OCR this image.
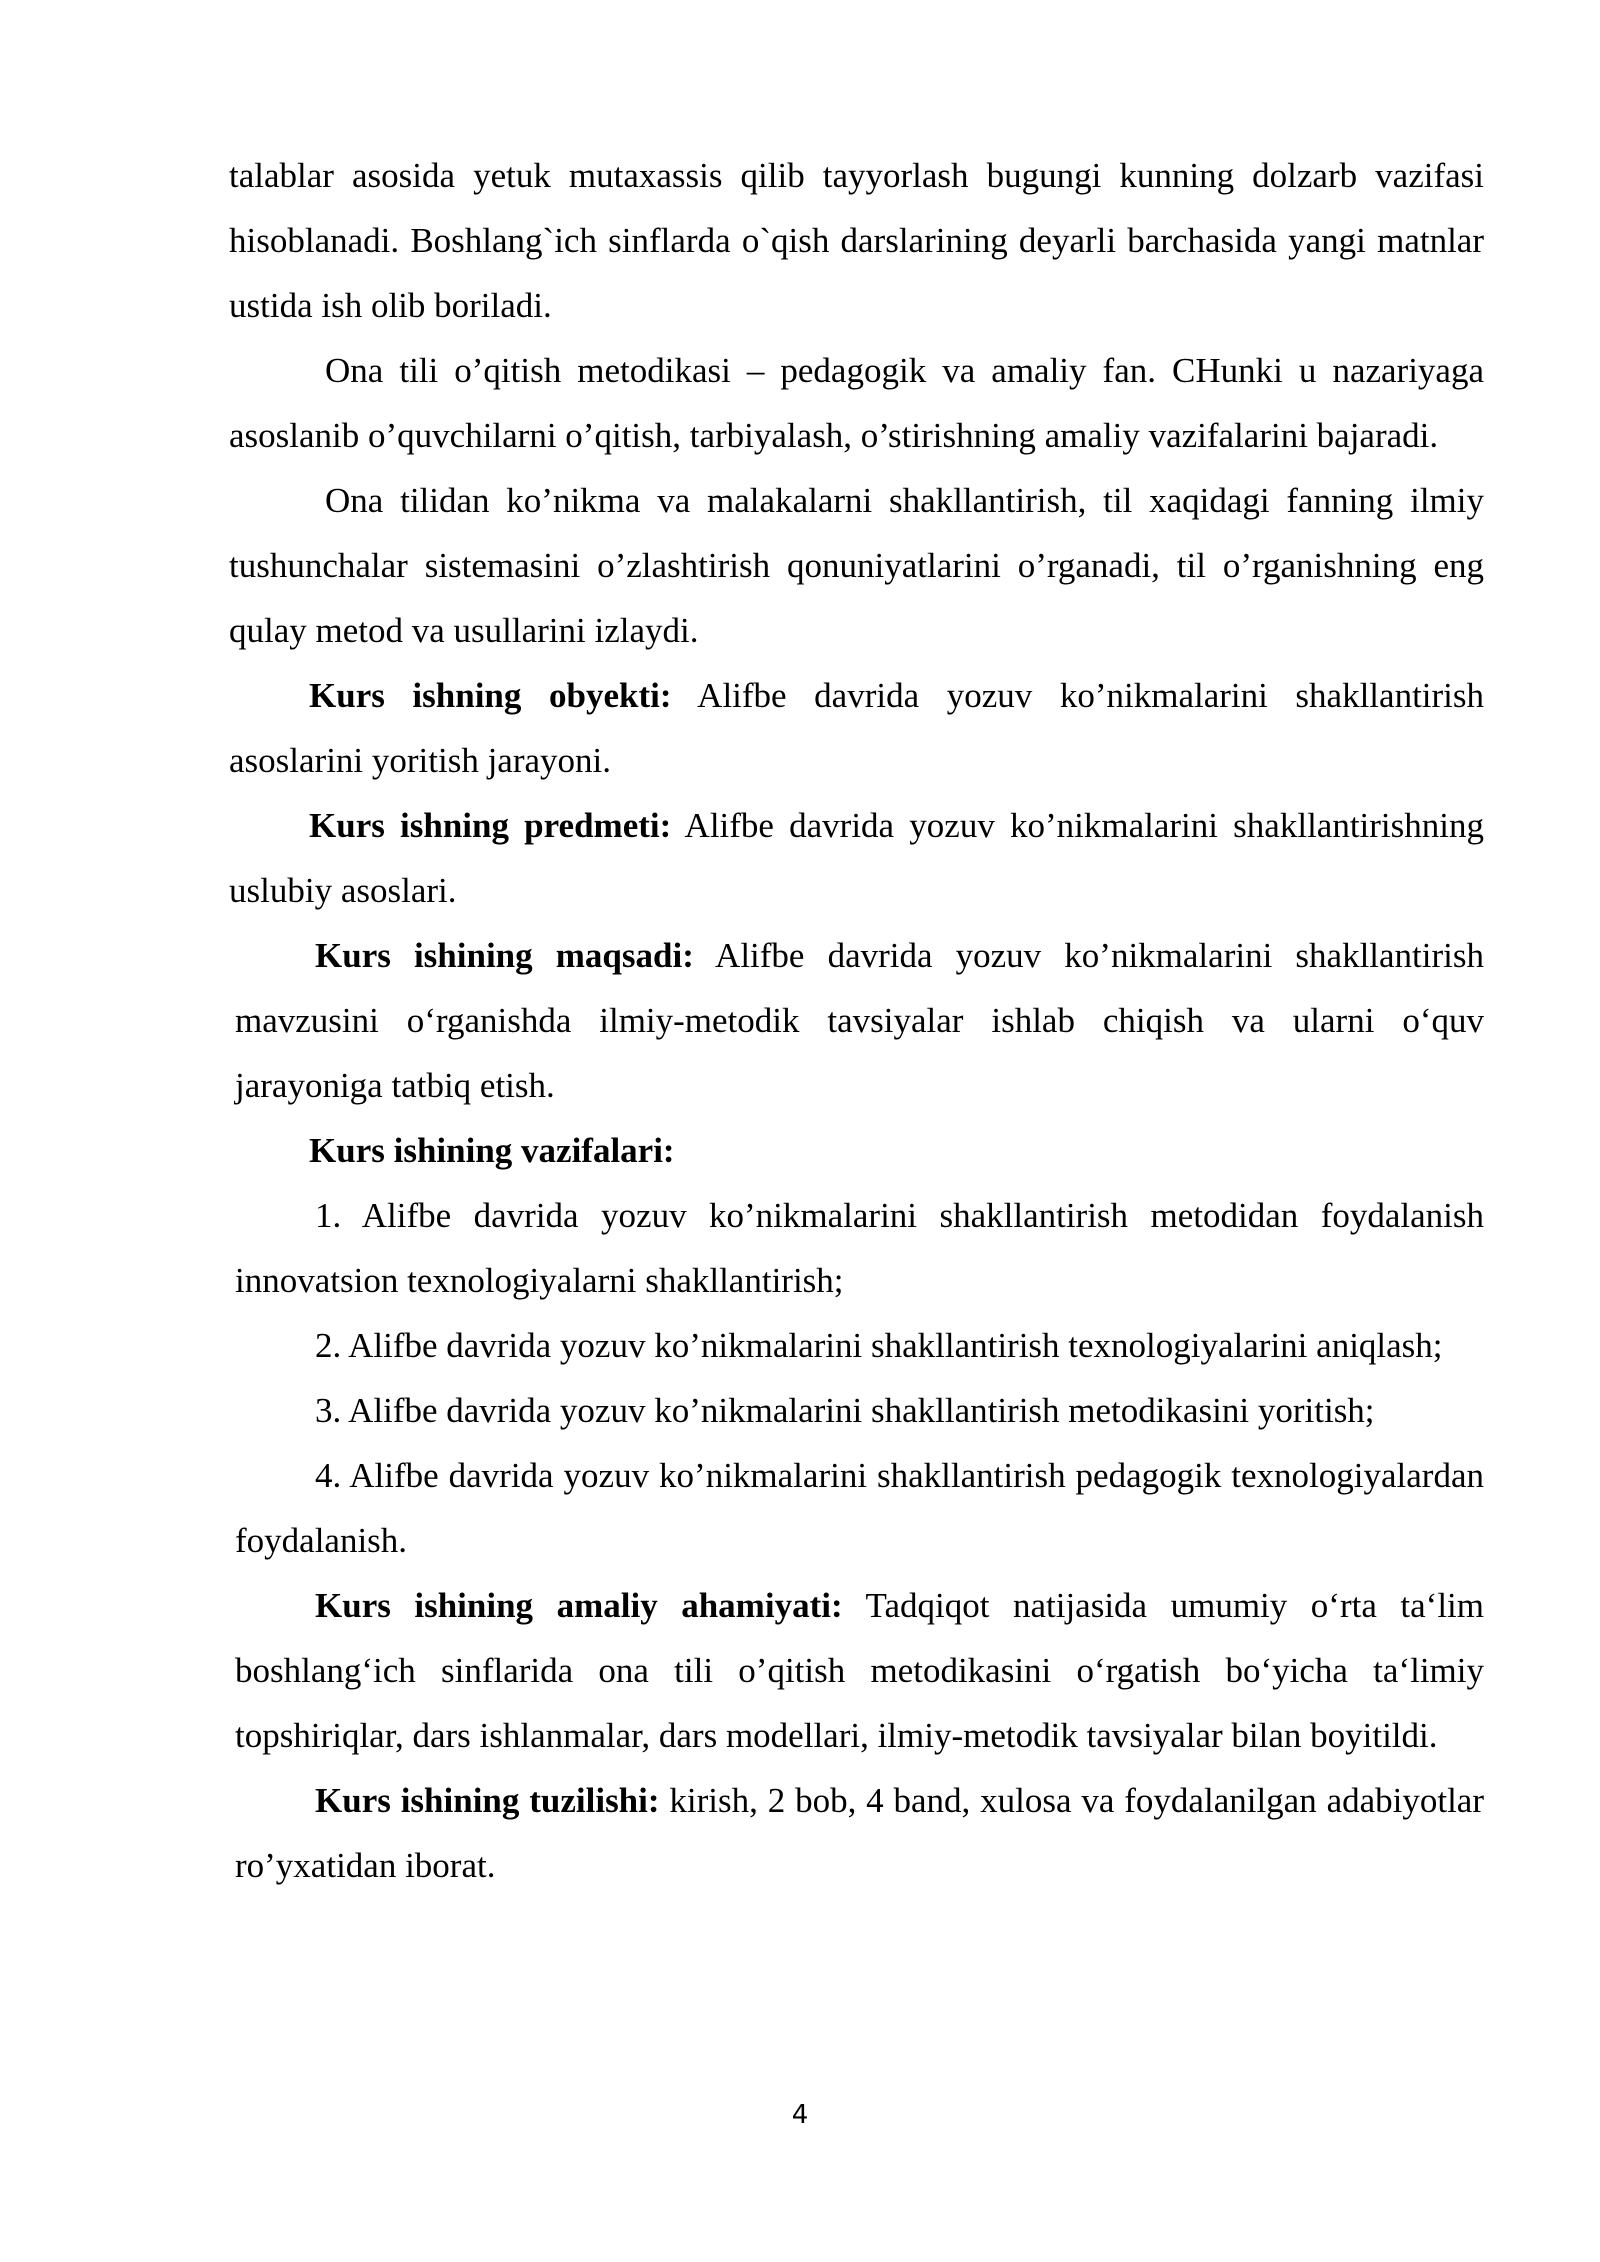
talablar asosida yetuk mutaxassis qilib tayyorlash bugungi kunning dolzarb vazifasi hisoblanadi. Boshlang`ich sinflarda o`qish darslarining deyarli barchasida yangi matnlar ustida ish olib boriladi.

Ona tili o’qitish metodikasi – pedagogik va amaliy fan. CHunki u nazariyaga asoslanib o’quvchilarni o’qitish, tarbiyalash, o’stirishning amaliy vazifalarini bajaradi.

Ona tilidan ko’nikma va malakalarni shakllantirish, til xaqidagi fanning ilmiy tushunchalar sistemasini o’zlashtirish qonuniyatlarini o’rganadi, til o’rganishning eng qulay metod va usullarini izlaydi.

Kurs ishning obyekti: Alifbe davrida yozuv ko’nikmalarini shakllantirish asoslarini yoritish jarayoni.

Kurs ishning predmeti: Alifbe davrida yozuv ko’nikmalarini shakllantirishning uslubiy asoslari.

Kurs ishining maqsadi: Alifbe davrida yozuv ko’nikmalarini shakllantirish mavzusini o‘rganishda ilmiy-metodik tavsiyalar ishlab chiqish va ularni o‘quv jarayoniga tatbiq etish.

Kurs ishining vazifalari:

1. Alifbe davrida yozuv ko’nikmalarini shakllantirish metodidan foydalanish innovatsion texnologiyalarni shakllantirish;

2. Alifbe davrida yozuv ko’nikmalarini shakllantirish texnologiyalarini aniqlash;

3. Alifbe davrida yozuv ko’nikmalarini shakllantirish metodikasini yoritish;

4. Alifbe davrida yozuv ko’nikmalarini shakllantirish pedagogik texnologiyalardan foydalanish.

Kurs ishining amaliy ahamiyati: Tadqiqot natijasida umumiy o‘rta ta‘lim boshlang‘ich sinflarida ona tili o’qitish metodikasini o‘rgatish bo‘yicha ta‘limiy topshiriqlar, dars ishlanmalar, dars modellari, ilmiy-metodik tavsiyalar bilan boyitildi.

Kurs ishining tuzilishi: kirish, 2 bob, 4 band, xulosa va foydalanilgan adabiyotlar ro’yxatidan iborat.

4
